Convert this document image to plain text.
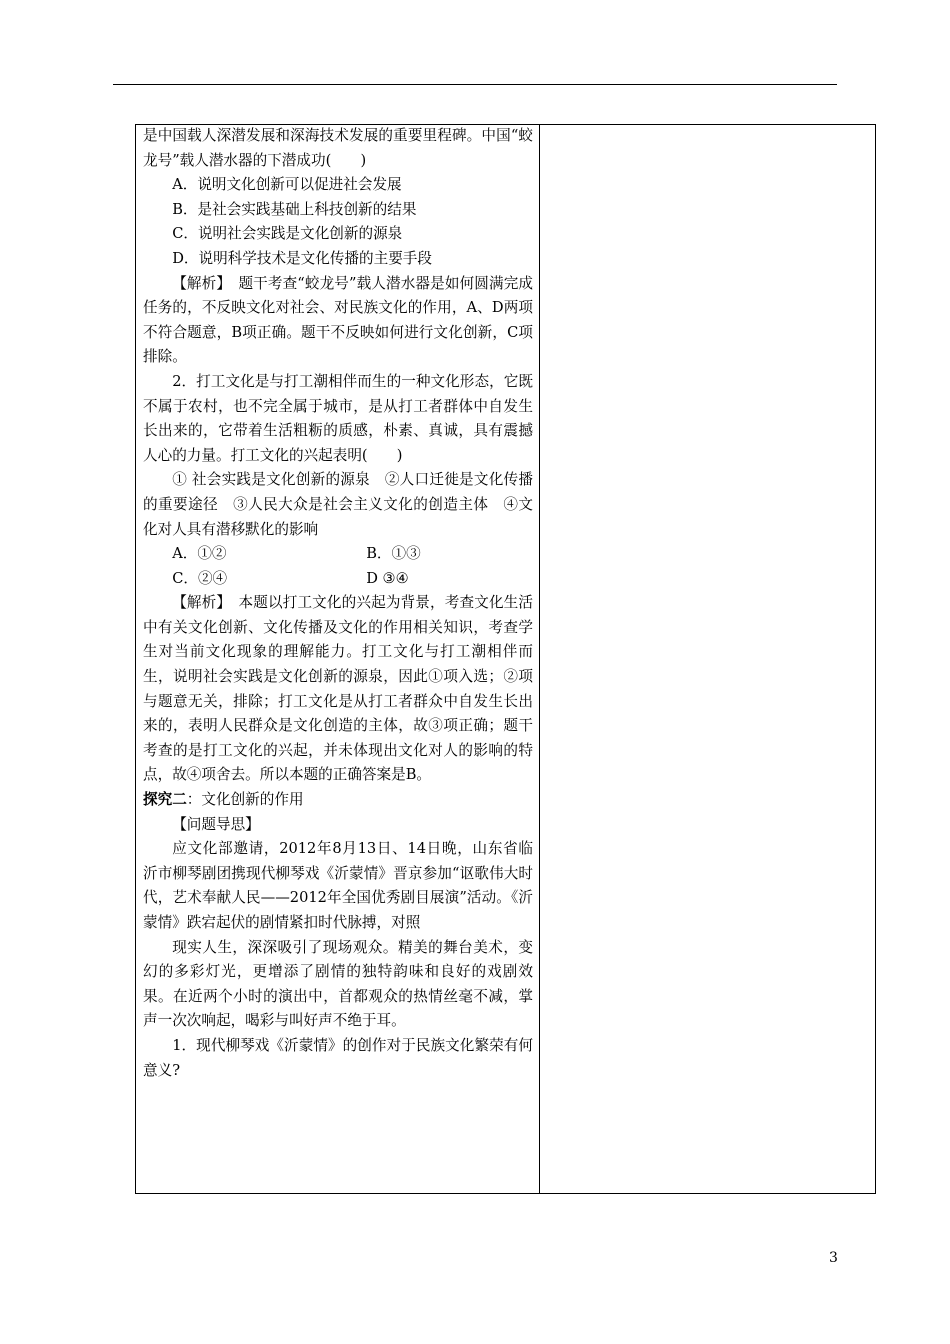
是中国载人深潜发展和深海技术发展的重要里程碑。中国“蛟龙号”载人潜水器的下潜成功(　　)

A．说明文化创新可以促进社会发展

B．是社会实践基础上科技创新的结果

C．说明社会实践是文化创新的源泉

D．说明科学技术是文化传播的主要手段

【解析】　题干考查“蛟龙号”载人潜水器是如何圆满完成任务的，不反映文化对社会、对民族文化的作用，A、D两项不符合题意，B项正确。题干不反映如何进行文化创新，C项排除。

2．打工文化是与打工潮相伴而生的一种文化形态，它既不属于农村，也不完全属于城市，是从打工者群体中自发生长出来的，它带着生活粗粝的质感，朴素、真诚，具有震撼人心的力量。打工文化的兴起表明(　　)

① 社会实践是文化创新的源泉　②人口迁徙是文化传播的重要途径　③人民大众是社会主义文化的创造主体　④文化对人具有潜移默化的影响

A．①②	B．①③
C．②④	D ③④

【解析】　本题以打工文化的兴起为背景，考查文化生活中有关文化创新、文化传播及文化的作用相关知识，考查学生对当前文化现象的理解能力。打工文化与打工潮相伴而生，说明社会实践是文化创新的源泉，因此①项入选；②项与题意无关，排除；打工文化是从打工者群众中自发生长出来的，表明人民群众是文化创造的主体，故③项正确；题干考查的是打工文化的兴起，并未体现出文化对人的影响的特点，故④项舍去。所以本题的正确答案是B。

探究二：文化创新的作用

【问题导思】

应文化部邀请，2012年8月13日、14日晚，山东省临沂市柳琴剧团携现代柳琴戏《沂蒙情》晋京参加“讴歌伟大时代，艺术奉献人民——2012年全国优秀剧目展演”活动。《沂蒙情》跌宕起伏的剧情紧扣时代脉搏，对照

现实人生，深深吸引了现场观众。精美的舞台美术，变幻的多彩灯光，更增添了剧情的独特韵味和良好的戏剧效果。在近两个小时的演出中，首都观众的热情丝毫不减，掌声一次次响起，喝彩与叫好声不绝于耳。

1．现代柳琴戏《沂蒙情》的创作对于民族文化繁荣有何意义?

3
